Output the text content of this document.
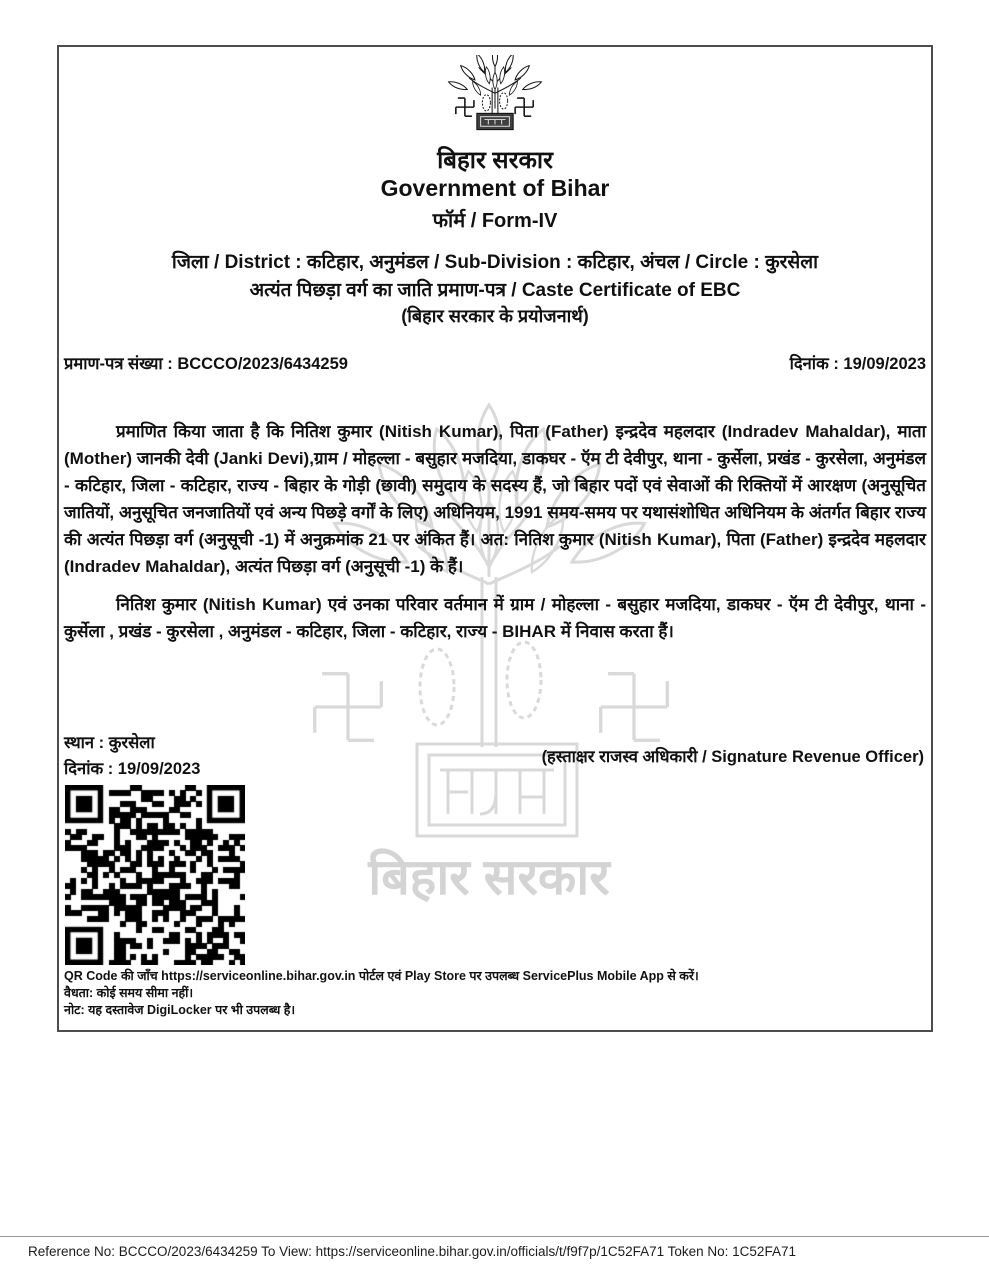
बिहार सरकार
बिहार सरकार
Government of Bihar
फॉर्म / Form-IV
जिला / District : कटिहार, अनुमंडल / Sub-Division : कटिहार, अंचल / Circle : कुरसेला
अत्यंत पिछड़ा वर्ग का जाति प्रमाण-पत्र / Caste Certificate of EBC
(बिहार सरकार के प्रयोजनार्थ)
प्रमाण-पत्र संख्या : BCCCO/2023/6434259	दिनांक : 19/09/2023

प्रमाणित किया जाता है कि नितिश कुमार (Nitish Kumar), पिता (Father) इन्द्रदेव महलदार (Indradev Mahaldar), माता (Mother) जानकी देवी (Janki Devi),ग्राम / मोहल्ला - बसुहार मजदिया, डाकघर - ऍम टी देवीपुर, थाना - कुर्सेला, प्रखंड - कुरसेला, अनुमंडल - कटिहार, जिला - कटिहार, राज्य - बिहार के गोड़ी (छावी) समुदाय के सदस्य हैं, जो बिहार पदों एवं सेवाओं की रिक्तियों में आरक्षण (अनुसूचित जातियों, अनुसूचित जनजातियों एवं अन्य पिछड़े वर्गों के लिए) अधिनियम, 1991 समय-समय पर यथासंशोधित अधिनियम के अंतर्गत बिहार राज्य की अत्यंत पिछड़ा वर्ग (अनुसूची -1) में अनुक्रमांक 21 पर अंकित हैं। अत: नितिश कुमार (Nitish Kumar), पिता (Father) इन्द्रदेव महलदार (Indradev Mahaldar), अत्यंत पिछड़ा वर्ग (अनुसूची -1) के हैं।

नितिश कुमार (Nitish Kumar) एवं उनका परिवार वर्तमान में ग्राम / मोहल्ला - बसुहार मजदिया, डाकघर - ऍम टी देवीपुर, थाना - कुर्सेला , प्रखंड - कुरसेला , अनुमंडल - कटिहार, जिला - कटिहार, राज्य - BIHAR में निवास करता हैं।

स्थान : कुरसेला
दिनांक : 19/09/2023
(हस्ताक्षर राजस्व अधिकारी / Signature Revenue Officer)
QR Code की जाँच https://serviceonline.bihar.gov.in पोर्टल एवं Play Store पर उपलब्ध ServicePlus Mobile App से करें।
वैधता: कोई समय सीमा नहीं।
नोट: यह दस्तावेज DigiLocker पर भी उपलब्ध है।
Reference No: BCCCO/2023/6434259 To View: https://serviceonline.bihar.gov.in/officials/t/f9f7p/1C52FA71 Token No: 1C52FA71
